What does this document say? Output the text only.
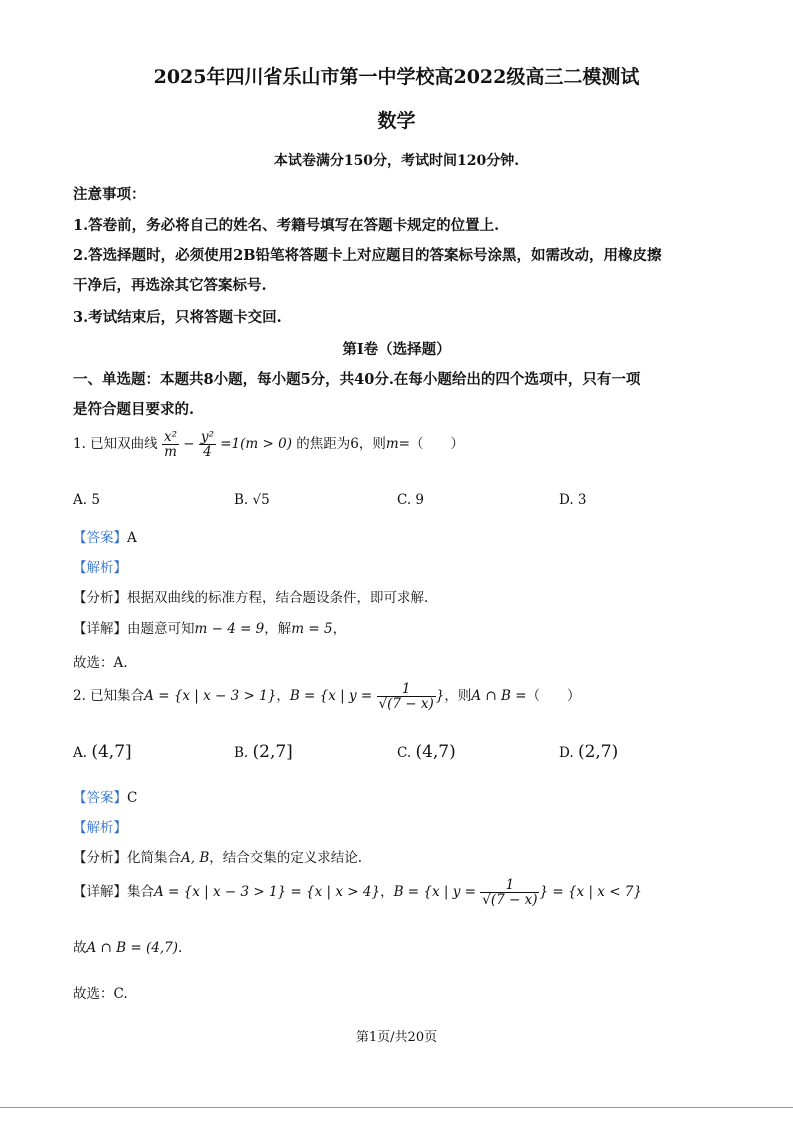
2025年四川省乐山市第一中学校高2022级高三二模测试
数学
本试卷满分150分，考试时间120分钟.
注意事项：
1.答卷前，务必将自己的姓名、考籍号填写在答题卡规定的位置上.
2.答选择题时，必须使用2B铅笔将答题卡上对应题目的答案标号涂黑，如需改动，用橡皮擦
干净后，再选涂其它答案标号.
3.考试结束后，只将答题卡交回.
第I卷（选择题）
一、单选题：本题共8小题，每小题5分，共40分.在每小题给出的四个选项中，只有一项
是符合题目要求的.
1. 已知双曲线 $\frac{\text{x²}}{m} - \frac{\text{y²}}{4} =1(m > 0)$ 的焦距为6，则m=（　　）
A. 5	B. √5	C. 9	D. 3
【答案】A
【解析】
【分析】根据双曲线的标准方程，结合题设条件，即可求解.
【详解】由题意可知m − 4 = 9，解m = 5，
故选：A.
2. 已知集合A = {x | x − 3 > 1}，B = {x | $y = \frac{1}{√(7 - x)}$ }，则A ∩ B =（　　）
A. (4,7]	B. (2,7]	C. (4,7)	D. (2,7)
【答案】C
【解析】
【分析】化简集合A, B，结合交集的定义求结论.
【详解】集合A = {x | x − 3 > 1} = {x | x > 4}，B = {x | $y = \frac{1}{√(7 - x)}$ } = {x | x < 7}
故A ∩ B = (4,7).
故选：C.
第1页/共20页
